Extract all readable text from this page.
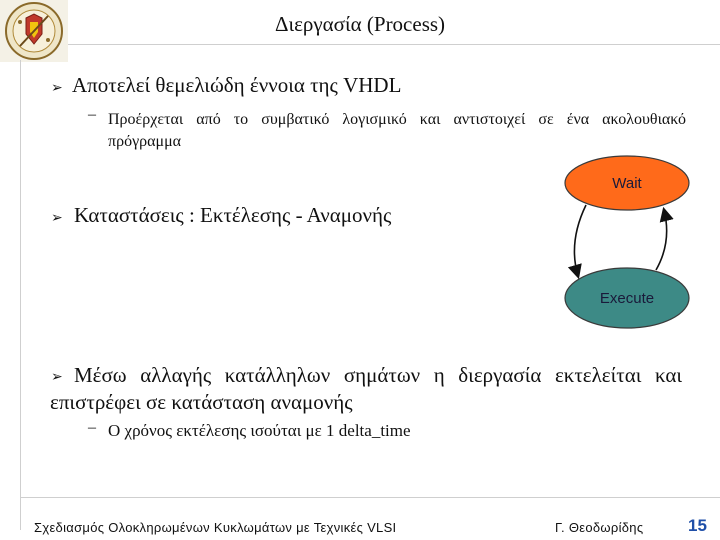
Διεργασία (Process)
➢ Αποτελεί θεμελιώδη έννοια της VHDL
– Προέρχεται από το συμβατικό λογισμικό και αντιστοιχεί σε ένα ακολουθιακό πρόγραμμα
➢ Καταστάσεις : Εκτέλεσης - Αναμονής
Wait
Execute
➢ Μέσω αλλαγής κατάλληλων σημάτων η διεργασία εκτελείται και επιστρέφει σε κατάσταση αναμονής
– Ο χρόνος εκτέλεσης ισούται με 1 delta_time
Σχεδιασμός Ολοκληρωμένων Κυκλωμάτων με Τεχνικές VLSI	Γ. Θεοδωρίδης	15
